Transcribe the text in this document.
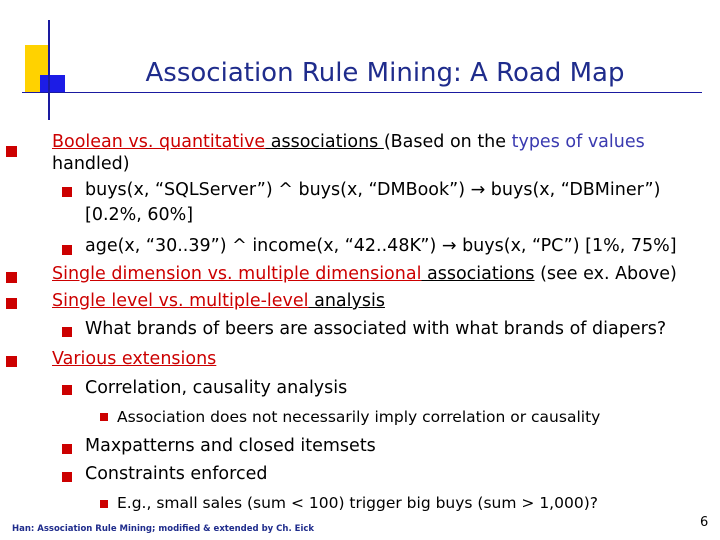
Association Rule Mining: A Road Map
Boolean vs. quantitative associations (Based on the types of values
handled)
buys(x, “SQLServer”) ^ buys(x, “DMBook”) → buys(x, “DBMiner”)
[0.2%, 60%]
age(x, “30..39”) ^ income(x, “42..48K”) → buys(x, “PC”) [1%, 75%]
Single dimension vs. multiple dimensional associations (see ex. Above)
Single level vs. multiple-level analysis
What brands of beers are associated with what brands of diapers?
Various extensions
Correlation, causality analysis
Association does not necessarily imply correlation or causality
Maxpatterns and closed itemsets
Constraints enforced
E.g., small sales (sum < 100) trigger big buys (sum > 1,000)?
Han: Association Rule Mining; modified & extended by Ch. Eick	6
